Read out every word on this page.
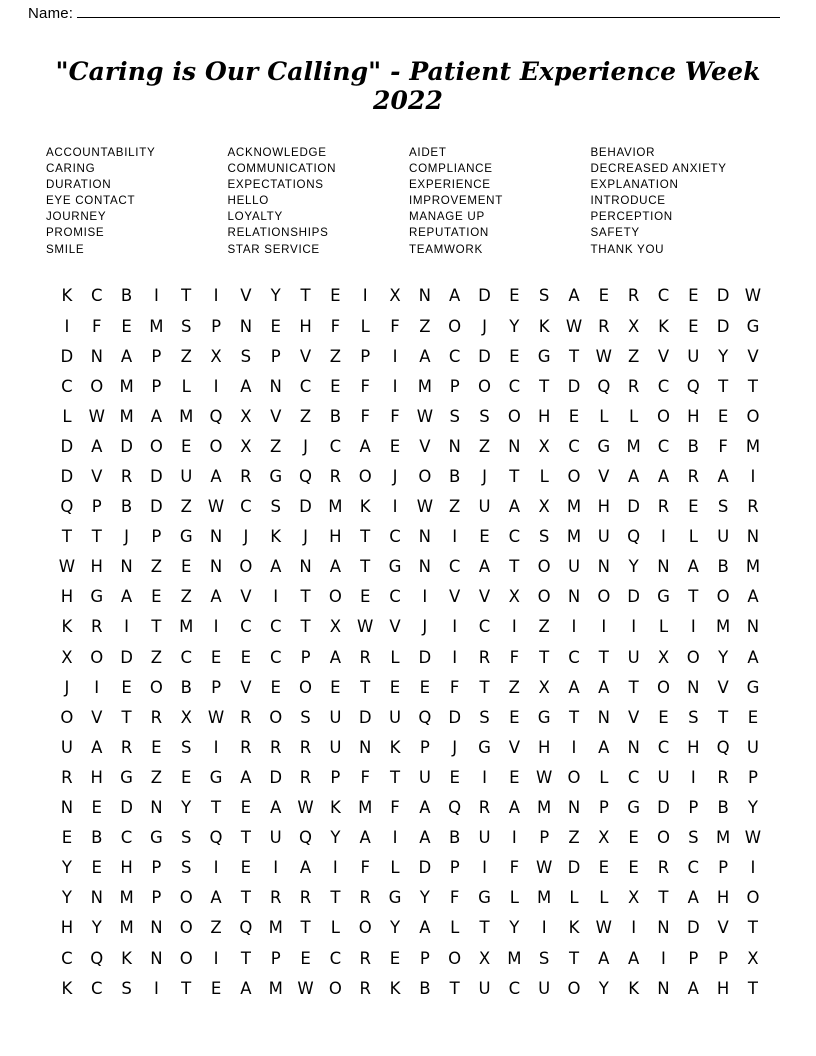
Name:
"Caring is Our Calling" - Patient Experience Week 2022
ACCOUNTABILITY
CARING
DURATION
EYE CONTACT
JOURNEY
PROMISE
SMILE
ACKNOWLEDGE
COMMUNICATION
EXPECTATIONS
HELLO
LOYALTY
RELATIONSHIPS
STAR SERVICE
AIDET
COMPLIANCE
EXPERIENCE
IMPROVEMENT
MANAGE UP
REPUTATION
TEAMWORK
BEHAVIOR
DECREASED ANXIETY
EXPLANATION
INTRODUCE
PERCEPTION
SAFETY
THANK YOU
K	C	B	I	T	I	V	Y	T	E	I	X	N	A	D	E	S	A	E	R	C	E	D W
I	F	E	M	S	P	N	E	H	F	L	F	Z	O	J	Y	K W R	X	K	E	D	G
D	N	A	P	Z	X	S	P	V	Z	P	I	A	C	D	E	G	T	W Z	V	U	Y	V
C	O M	P	L	I	A	N	C	E	F	I	M	P	O	C	T	D	Q	R	C	Q	T	T
L	W M	A	M Q	X	V	Z	B	F	F	W S	S	O	H	E	L	L	O	H	E	O
D	A	D	O	E	O	X	Z	J	C	A	E	V	N	Z	N	X	C	G M	C	B	F	M
D	V	R	D	U	A	R	G	Q	R	O	J	O	B	J	T	L	O	V	A	A	R	A	I
Q	P	B	D	Z W C	S	D M	K	I	W Z	U	A	X	M	H	D	R	E	S	R
T	T	J	P	G	N	J	K	J	H	T	C	N	I	E	C	S	M	U	Q	I	L	U	N
W H	N	Z	E	N	O	A	N	A	T	G	N	C	A	T	O	U	N	Y	N	A	B	M
H	G	A	E	Z	A	V	I	T	O	E	C	I	V	V	X	O	N	O	D	G	T	O	A
K	R	I	T	M	I	C	C	T	X W V	J	I	C	I	Z	I	I	I	L	I	M	N
X	O	D	Z	C	E	E	C	P	A	R	L	D	I	R	F	T	C	T	U	X	O	Y	A
J	I	E	O	B	P	V	E	O	E	T	E	E	F	T	Z	X	A	A	T	O	N	V	G
O	V	T	R	X W R	O	S	U	D	U	Q	D	S	E	G	T	N	V	E	S	T	E
U	A	R	E	S	I	R	R	R	U	N	K	P	J	G	V	H	I	A	N	C	H	Q	U
R	H	G	Z	E	G	A	D	R	P	F	T	U	E	I	E W O	L	C	U	I	R	P
N	E	D	N	Y	T	E	A W K	M	F	A	Q	R	A	M	N	P	G	D	P	B	Y
E	B	C	G	S	Q	T	U	Q	Y	A	I	A	B	U	I	P	Z	X	E	O	S	M W
Y	E	H	P	S	I	E	I	A	I	F	L	D	P	I	F	W D	E	E	R	C	P	I
Y	N	M	P	O	A	T	R	R	T	R	G	Y	F	G	L	M	L	L	X	T	A	H	O
H	Y	M	N	O	Z	Q M	T	L	O	Y	A	L	T	Y	I	K W	I	N	D	V	T
C	Q	K	N	O	I	T	P	E	C	R	E	P	O	X	M	S	T	A	A	I	P	P	X
K	C	S	I	T	E	A	M W O	R	K	B	T	U	C	U	O	Y	K	N	A	H	T
